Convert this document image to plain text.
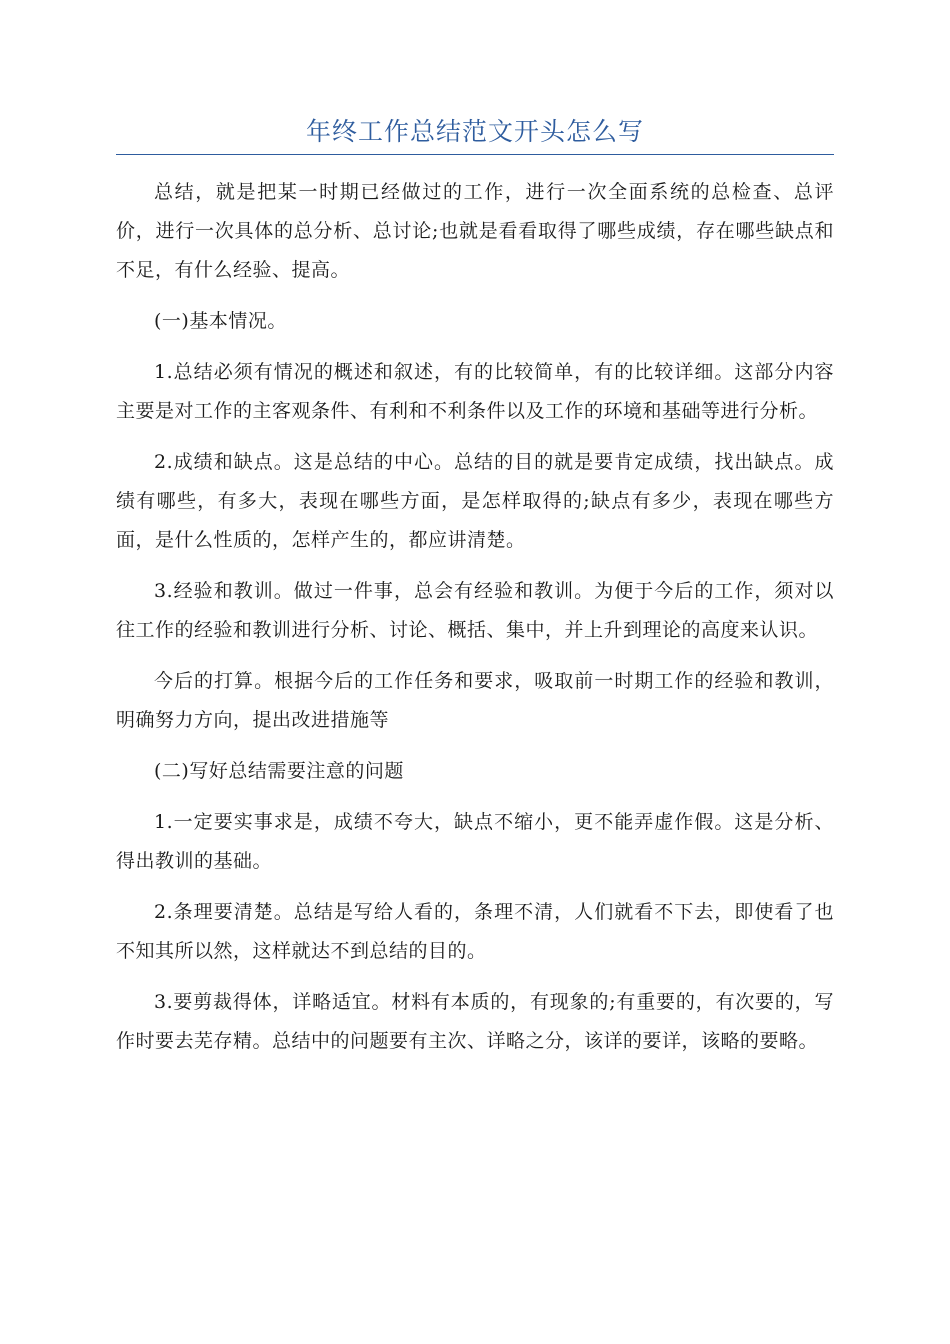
年终工作总结范文开头怎么写

总结，就是把某一时期已经做过的工作，进行一次全面系统的总检查、总评价，进行一次具体的总分析、总讨论;也就是看看取得了哪些成绩，存在哪些缺点和不足，有什么经验、提高。

(一)基本情况。

1.总结必须有情况的概述和叙述，有的比较简单，有的比较详细。这部分内容主要是对工作的主客观条件、有利和不利条件以及工作的环境和基础等进行分析。

2.成绩和缺点。这是总结的中心。总结的目的就是要肯定成绩，找出缺点。成绩有哪些，有多大，表现在哪些方面，是怎样取得的;缺点有多少，表现在哪些方面，是什么性质的，怎样产生的，都应讲清楚。

3.经验和教训。做过一件事，总会有经验和教训。为便于今后的工作，须对以往工作的经验和教训进行分析、讨论、概括、集中，并上升到理论的高度来认识。

今后的打算。根据今后的工作任务和要求，吸取前一时期工作的经验和教训，明确努力方向，提出改进措施等

(二)写好总结需要注意的问题

1.一定要实事求是，成绩不夸大，缺点不缩小，更不能弄虚作假。这是分析、得出教训的基础。

2.条理要清楚。总结是写给人看的，条理不清，人们就看不下去，即使看了也不知其所以然，这样就达不到总结的目的。

3.要剪裁得体，详略适宜。材料有本质的，有现象的;有重要的，有次要的，写作时要去芜存精。总结中的问题要有主次、详略之分，该详的要详，该略的要略。
